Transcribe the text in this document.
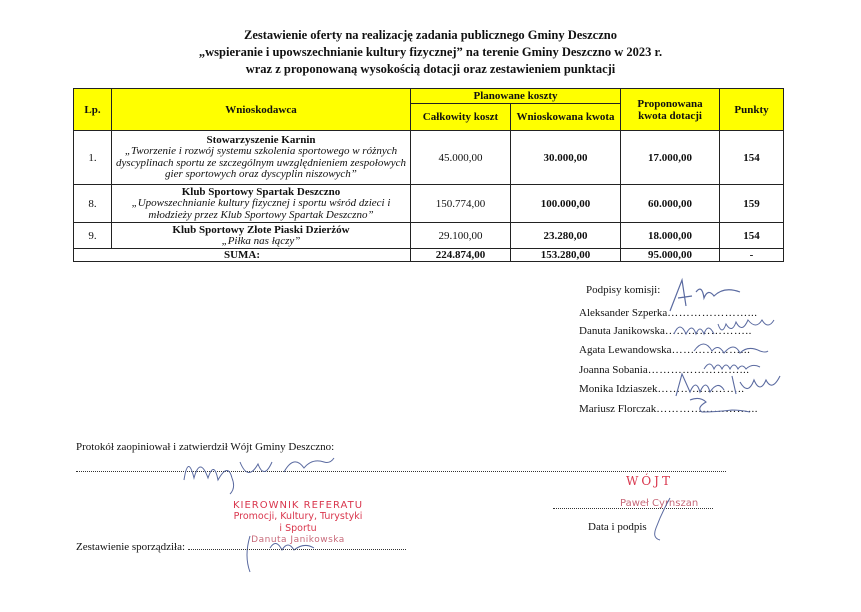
Zestawienie oferty na realizację zadania publicznego Gminy Deszczno
„wspieranie i upowszechnianie kultury fizycznej” na terenie Gminy Deszczno w 2023 r.
wraz z proponowaną wysokością dotacji oraz zestawieniem punktacji
Lp.	Wnioskodawca	Planowane koszty		Proponowana kwota dotacji	Punkty
		Całkowity koszt	Wnioskowana kwota		
1.	Stowarzyszenie Karnin
„Tworzenie i rozwój systemu szkolenia sportowego w różnych dyscyplinach sportu ze szczególnym uwzględnieniem zespołowych gier sportowych oraz dyscyplin niszowych”	45.000,00	30.000,00	17.000,00	154
8.	Klub Sportowy Spartak Deszczno
„Upowszechnianie kultury fizycznej i sportu wśród dzieci i młodzieży przez Klub Sportowy Spartak Deszczno”	150.774,00	100.000,00	60.000,00	159
9.	Klub Sportowy Złote Piaski Dzierżów
„Piłka nas łączy”	29.100,00	23.280,00	18.000,00	154
SUMA:		224.874,00	153.280,00	95.000,00	-
Podpisy komisji:
Aleksander Szperka…………………...
Danuta Janikowska…………………..
Agata Lewandowska………………...
Joanna Sobania……………………...
Monika Idziaszek…………………..
Mariusz Florczak……………………...
Protokół zaopiniował i zatwierdził Wójt Gminy Deszczno:
KIEROWNIK REFERATU
Promocji, Kultury, Turystyki
i Sportu
Danuta Janikowska
WÓJT
Paweł Cyrnszan
Data i podpis
Zestawienie sporządziła:
